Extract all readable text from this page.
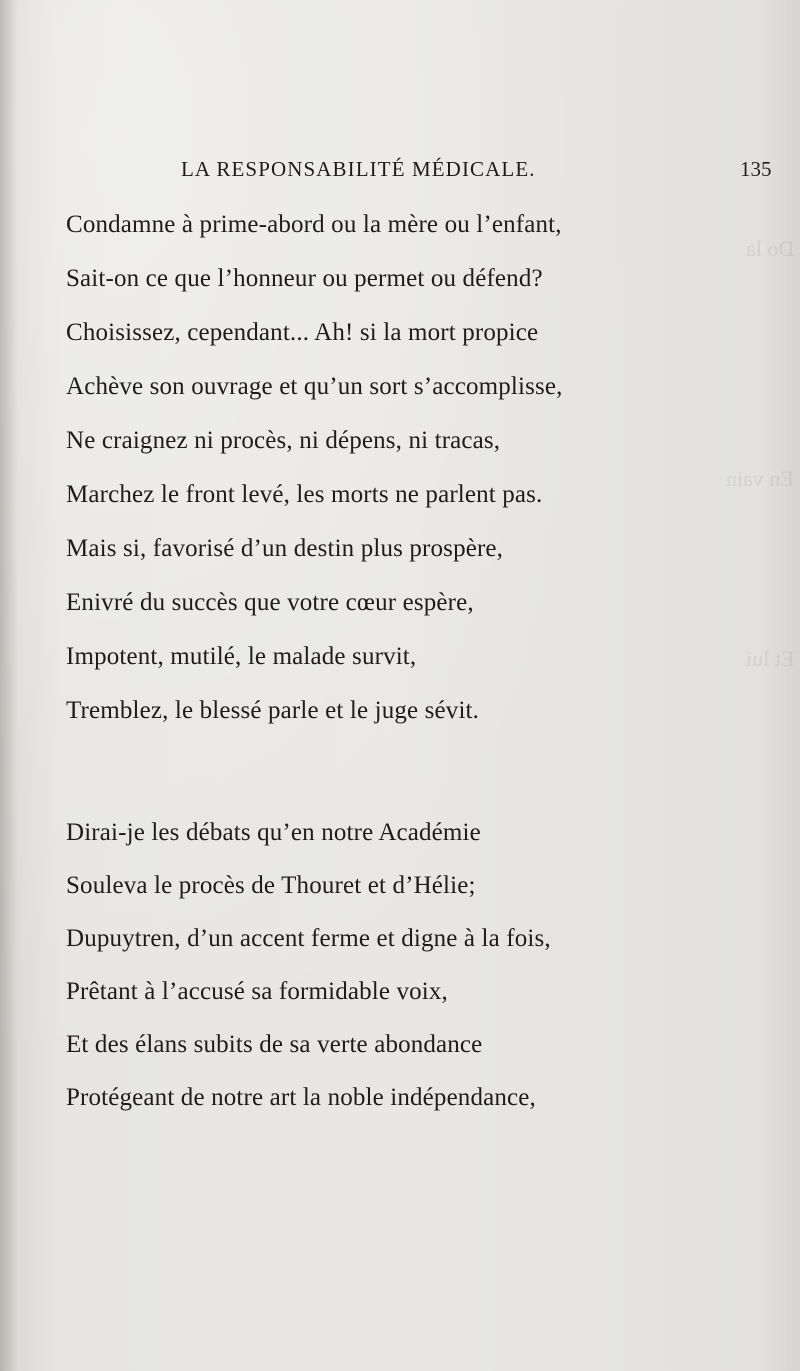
Do la
En vain
Et lui
LA RESPONSABILITÉ MÉDICALE.	135
Condamne à prime-abord ou la mère ou l’enfant,
Sait-on ce que l’honneur ou permet ou défend?
Choisissez, cependant... Ah! si la mort propice
Achève son ouvrage et qu’un sort s’accomplisse,
Ne craignez ni procès, ni dépens, ni tracas,
Marchez le front levé, les morts ne parlent pas.
Mais si, favorisé d’un destin plus prospère,
Enivré du succès que votre cœur espère,
Impotent, mutilé, le malade survit,
Tremblez, le blessé parle et le juge sévit.
Dirai-je les débats qu’en notre Académie
Souleva le procès de Thouret et d’Hélie;
Dupuytren, d’un accent ferme et digne à la fois,
Prêtant à l’accusé sa formidable voix,
Et des élans subits de sa verte abondance
Protégeant de notre art la noble indépendance,
